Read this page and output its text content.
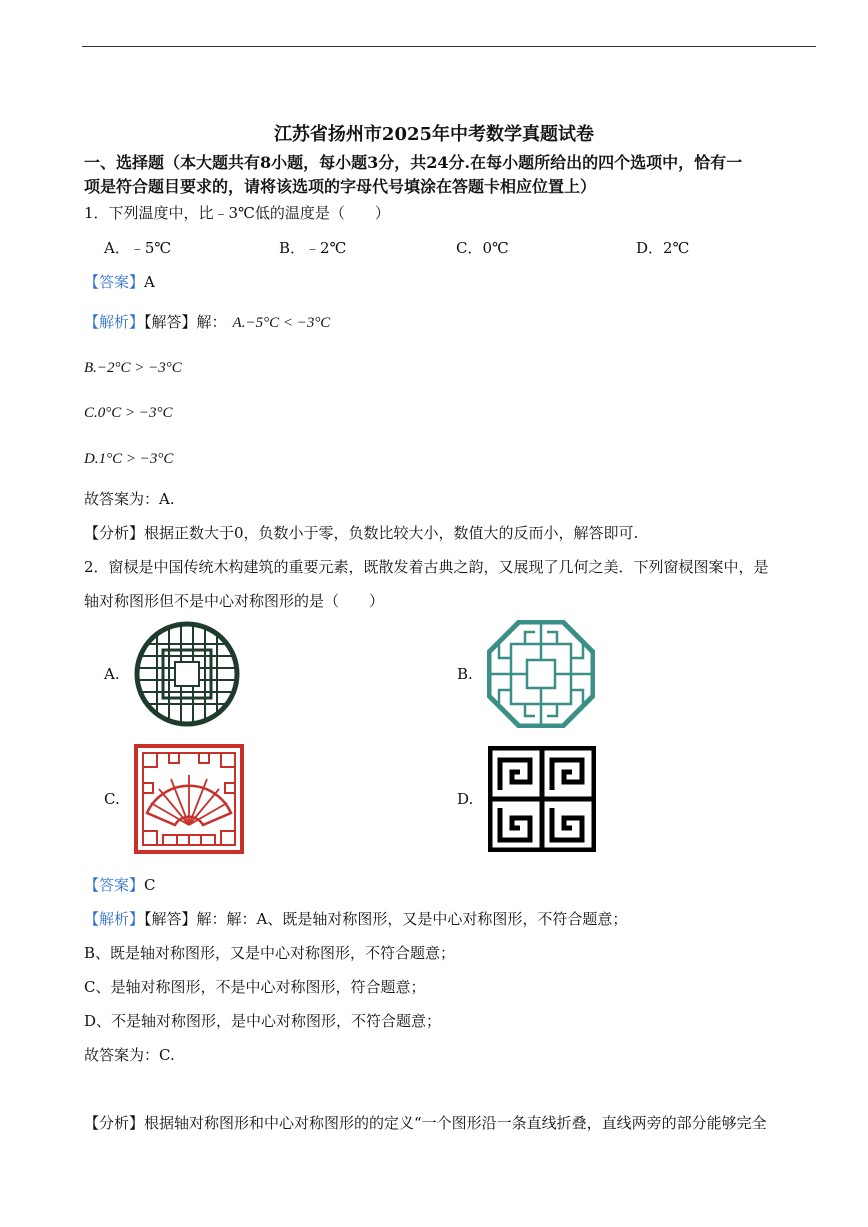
江苏省扬州市2025年中考数学真题试卷
一、选择题（本大题共有8小题，每小题3分，共24分.在每小题所给出的四个选项中，恰有一
项是符合题目要求的，请将该选项的字母代号填涂在答题卡相应位置上）
1．下列温度中，比﹣3℃低的温度是（　　）
A．﹣5℃	B．﹣2℃	C．0℃	D．2℃
【答案】A
【解析】【解答】解： A.−5°C < −3°C
B.−2°C > −3°C
C.0°C > −3°C
D.1°C > −3°C
故答案为：A.
【分析】根据正数大于0，负数小于零，负数比较大小，数值大的反而小，解答即可.
2．窗棂是中国传统木构建筑的重要元素，既散发着古典之韵，又展现了几何之美．下列窗棂图案中，是
轴对称图形但不是中心对称图形的是（　　）
A.	B.
C.	D.
【答案】C
【解析】【解答】解：解：A、既是轴对称图形，又是中心对称图形，不符合题意；
B、既是轴对称图形，又是中心对称图形，不符合题意；
C、是轴对称图形，不是中心对称图形，符合题意；
D、不是轴对称图形，是中心对称图形，不符合题意；
故答案为：C.
【分析】根据轴对称图形和中心对称图形的的定义“一个图形沿一条直线折叠，直线两旁的部分能够完全
